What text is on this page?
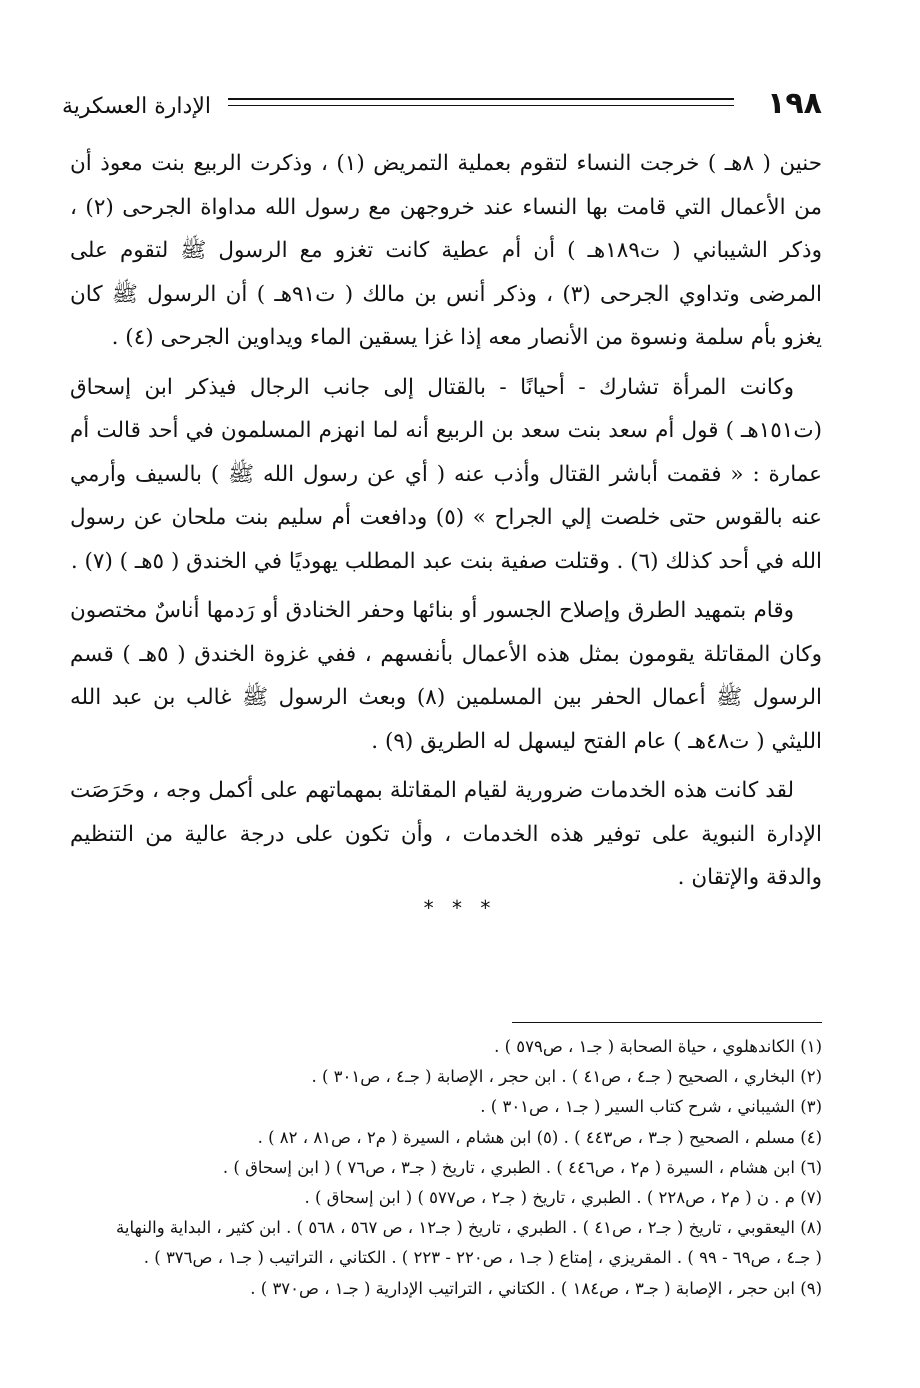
١٩٨
الإدارة العسكرية

حنين ( ٨هـ ) خرجت النساء لتقوم بعملية التمريض (١) ، وذكرت الربيع بنت معوذ أن من الأعمال التي قامت بها النساء عند خروجهن مع رسول الله مداواة الجرحى (٢) ، وذكر الشيباني ( ت١٨٩هـ ) أن أم عطية كانت تغزو مع الرسول ﷺ لتقوم على المرضى وتداوي الجرحى (٣) ، وذكر أنس بن مالك ( ت٩١هـ ) أن الرسول ﷺ كان يغزو بأم سلمة ونسوة من الأنصار معه إذا غزا يسقين الماء ويداوين الجرحى (٤) .

وكانت المرأة تشارك - أحيانًا - بالقتال إلى جانب الرجال فيذكر ابن إسحاق (ت١٥١هـ ) قول أم سعد بنت سعد بن الربيع أنه لما انهزم المسلمون في أحد قالت أم عمارة : « فقمت أباشر القتال وأذب عنه ( أي عن رسول الله ﷺ ) بالسيف وأرمي عنه بالقوس حتى خلصت إلي الجراح » (٥) ودافعت أم سليم بنت ملحان عن رسول الله في أحد كذلك (٦) . وقتلت صفية بنت عبد المطلب يهوديًا في الخندق ( ٥هـ ) (٧) .

وقام بتمهيد الطرق وإصلاح الجسور أو بنائها وحفر الخنادق أو رَدمها أناسٌ مختصون وكان المقاتلة يقومون بمثل هذه الأعمال بأنفسهم ، ففي غزوة الخندق ( ٥هـ ) قسم الرسول ﷺ أعمال الحفر بين المسلمين (٨) وبعث الرسول ﷺ غالب بن عبد الله الليثي ( ت٤٨هـ ) عام الفتح ليسهل له الطريق (٩) .

لقد كانت هذه الخدمات ضرورية لقيام المقاتلة بمهماتهم على أكمل وجه ، وحَرَصَت الإدارة النبوية على توفير هذه الخدمات ، وأن تكون على درجة عالية من التنظيم والدقة والإتقان .

* * *
(١) الكاندهلوي ، حياة الصحابة ( جـ١ ، ص٥٧٩ ) .
(٢) البخاري ، الصحيح ( جـ٤ ، ص٤١ ) . ابن حجر ، الإصابة ( جـ٤ ، ص٣٠١ ) .
(٣) الشيباني ، شرح كتاب السير ( جـ١ ، ص٣٠١ ) .
(٤) مسلم ، الصحيح ( جـ٣ ، ص٤٤٣ ) . (٥) ابن هشام ، السيرة ( م٢ ، ص٨١ ، ٨٢ ) .
(٦) ابن هشام ، السيرة ( م٢ ، ص٤٤٦ ) . الطبري ، تاريخ ( جـ٣ ، ص٧٦ ) ( ابن إسحاق ) .
(٧) م . ن ( م٢ ، ص٢٢٨ ) . الطبري ، تاريخ ( جـ٢ ، ص٥٧٧ ) ( ابن إسحاق ) .
(٨) اليعقوبي ، تاريخ ( جـ٢ ، ص٤١ ) . الطبري ، تاريخ ( جـ١٢ ، ص ٥٦٧ ، ٥٦٨ ) . ابن كثير ، البداية والنهاية
( جـ٤ ، ص٦٩ - ٩٩ ) . المقريزي ، إمتاع ( جـ١ ، ص٢٢٠ - ٢٢٣ ) . الكتاني ، التراتيب ( جـ١ ، ص٣٧٦ ) .
(٩) ابن حجر ، الإصابة ( جـ٣ ، ص١٨٤ ) . الكتاني ، التراتيب الإدارية ( جـ١ ، ص٣٧٠ ) .
